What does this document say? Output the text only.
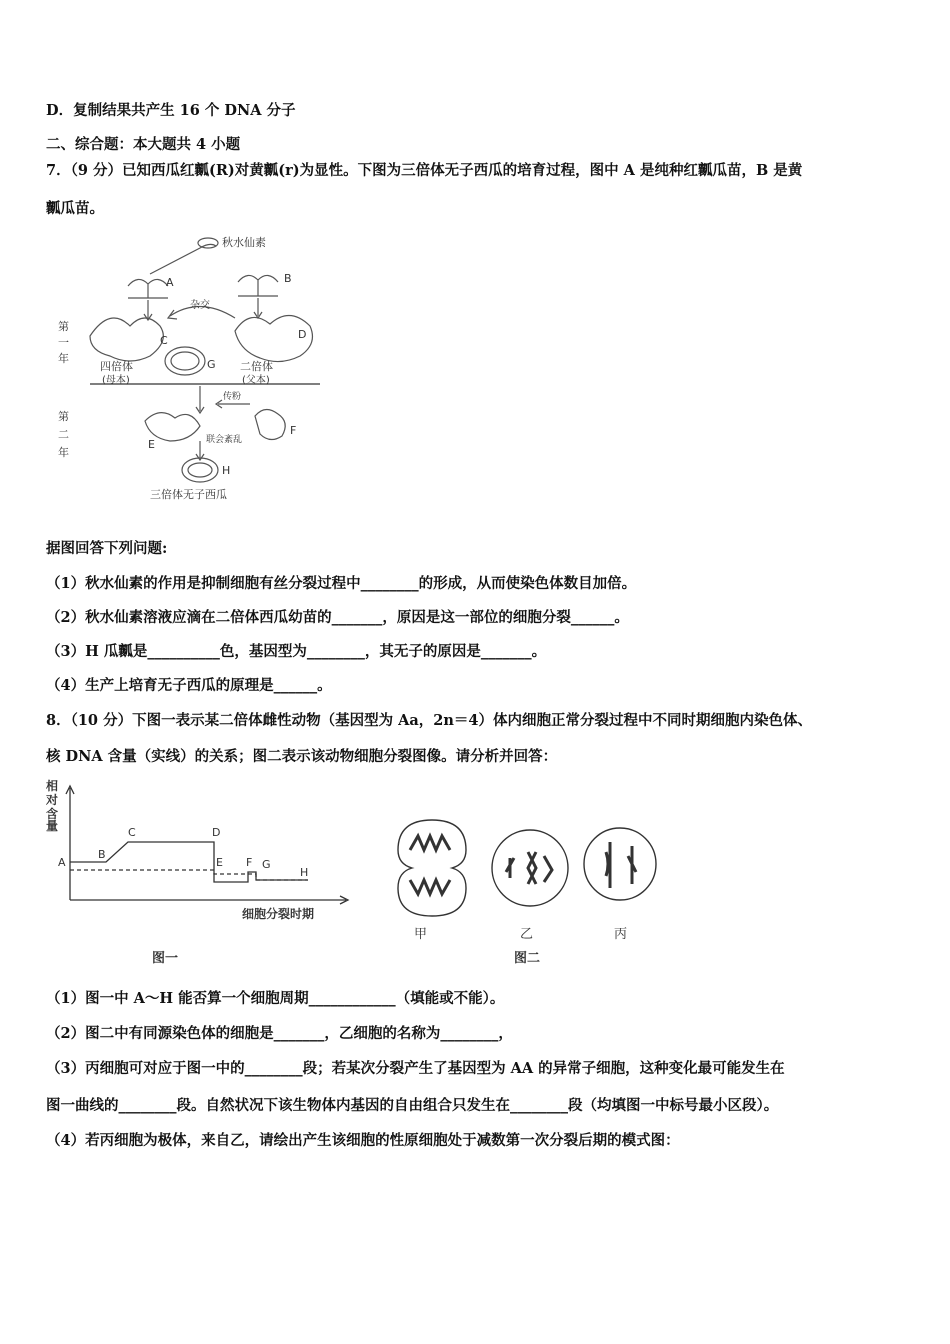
D．复制结果共产生 16 个 DNA 分子
二、综合题：本大题共 4 小题
7．（9 分）已知西瓜红瓤(R)对黄瓤(r)为显性。下图为三倍体无子西瓜的培育过程，图中 A 是纯种红瓤瓜苗，B 是黄
瓤瓜苗。
秋水仙素
A	B
杂交
C	D
第
一
年
四倍体
(母本)
二倍体
(父本)
G
第
二
年
传粉
E
F
联会紊乱
H
三倍体无子西瓜
据图回答下列问题:
（1）秋水仙素的作用是抑制细胞有丝分裂过程中________的形成，从而使染色体数目加倍。
（2）秋水仙素溶液应滴在二倍体西瓜幼苗的_______，原因是这一部位的细胞分裂______。
（3）H 瓜瓤是__________色，基因型为________，其无子的原因是_______。
（4）生产上培育无子西瓜的原理是______。
8．（10 分）下图一表示某二倍体雌性动物（基因型为 Aa，2n＝4）体内细胞正常分裂过程中不同时期细胞内染色体、
核 DNA 含量（实线）的关系；图二表示该动物细胞分裂图像。请分析并回答：
相
对
含
量
A
B
C	D
E F G
H
细胞分裂时期
图一
甲	乙	丙
图二
（1）图一中 A～H 能否算一个细胞周期____________（填能或不能）。
（2）图二中有同源染色体的细胞是_______，乙细胞的名称为________，
（3）丙细胞可对应于图一中的________段；若某次分裂产生了基因型为 AA 的异常子细胞，这种变化最可能发生在
图一曲线的________段。自然状况下该生物体内基因的自由组合只发生在________段（均填图一中标号最小区段）。
（4）若丙细胞为极体，来自乙，请绘出产生该细胞的性原细胞处于减数第一次分裂后期的模式图：
